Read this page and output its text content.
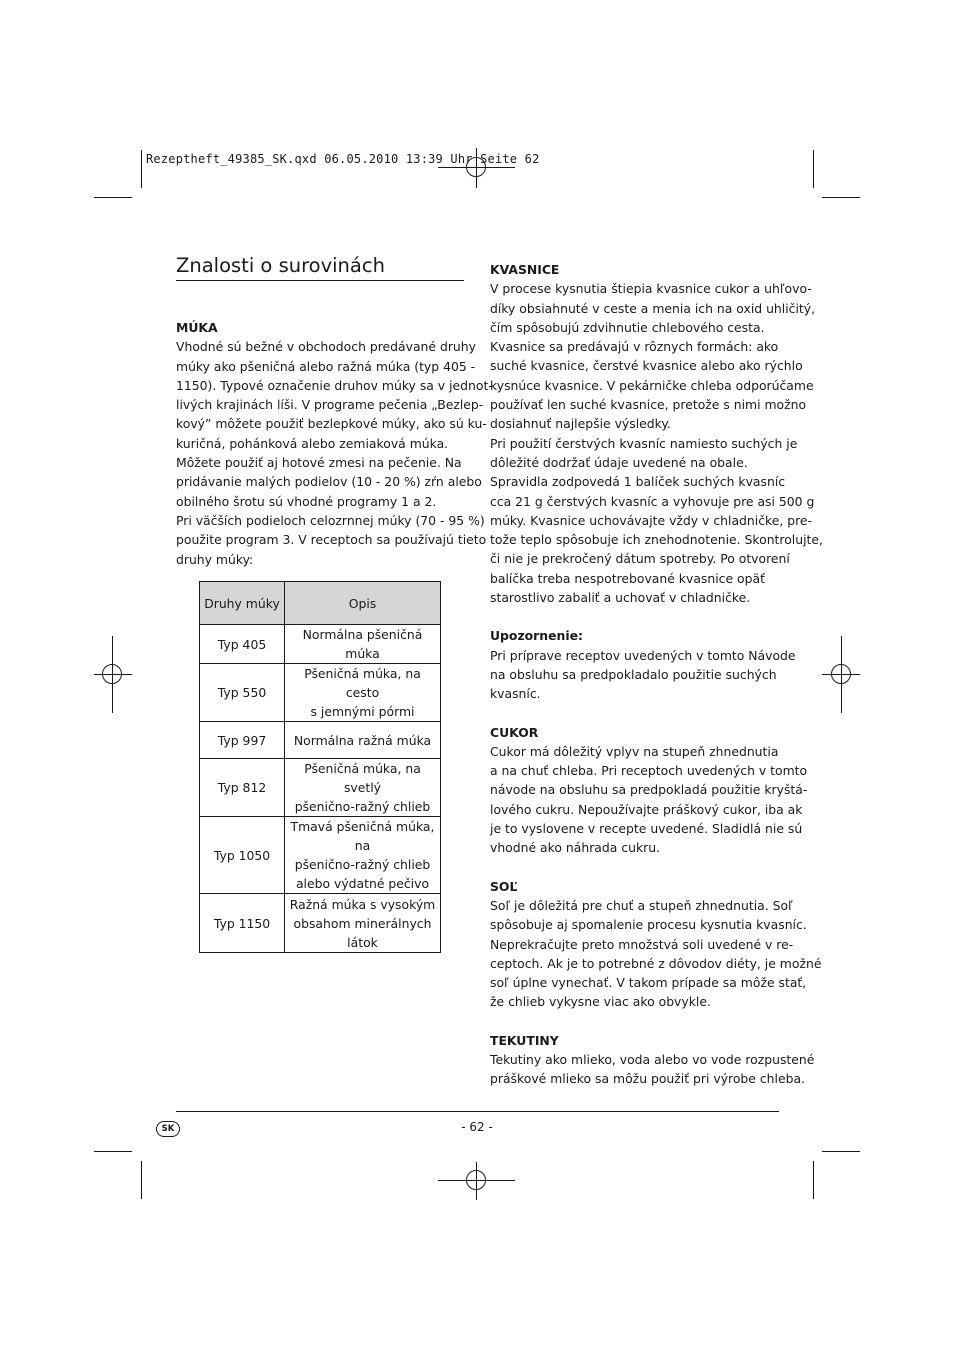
Rezeptheft_49385_SK.qxd 06.05.2010 13:39 Uhr Seite 62
Znalosti o surovinách
MÚKA

Vhodné sú bežné v obchodoch predávané druhy

múky ako pšeničná alebo ražná múka (typ 405 -

1150). Typové označenie druhov múky sa v jednot-

livých krajinách líši. V programe pečenia „Bezlep-

kový” môžete použiť bezlepkové múky, ako sú ku-

kuričná, pohánková alebo zemiaková múka.

Môžete použiť aj hotové zmesi na pečenie. Na

pridávanie malých podielov (10 - 20 %) zŕn alebo

obilného šrotu sú vhodné programy 1 a 2.

Pri väčších podieloch celozrnnej múky (70 - 95 %)

použite program 3. V receptoch sa používajú tieto

druhy múky:

Druhy múky	Opis
Typ 405	Normálna pšeničná múka

Typ 550	Pšeničná múka, na cesto
s jemnými pórmi

Typ 997	Normálna ražná múka

Typ 812	Pšeničná múka, na svetlý
pšenično-ražný chlieb

Typ 1050	Tmavá pšeničná múka, na
pšenično-ražný chlieb
alebo výdatné pečivo

Typ 1150	Ražná múka s vysokým
obsahom minerálnych
látok
KVASNICE

V procese kysnutia štiepia kvasnice cukor a uhľovo-

díky obsiahnuté v ceste a menia ich na oxid uhličitý,

čím spôsobujú zdvihnutie chlebového cesta.

Kvasnice sa predávajú v rôznych formách: ako

suché kvasnice, čerstvé kvasnice alebo ako rýchlo

kysnúce kvasnice. V pekárničke chleba odporúčame

používať len suché kvasnice, pretože s nimi možno

dosiahnuť najlepšie výsledky.

Pri použití čerstvých kvasníc namiesto suchých je

dôležité dodržať údaje uvedené na obale.

Spravidla zodpovedá 1 balíček suchých kvasníc

cca 21 g čerstvých kvasníc a vyhovuje pre asi 500 g

múky. Kvasnice uchovávajte vždy v chladničke, pre-

tože teplo spôsobuje ich znehodnotenie. Skontrolujte,

či nie je prekročený dátum spotreby. Po otvorení

balíčka treba nespotrebované kvasnice opäť

starostlivo zabaliť a uchovať v chladničke.

Upozornenie:

Pri príprave receptov uvedených v tomto Návode

na obsluhu sa predpokladalo použitie suchých

kvasníc.

CUKOR

Cukor má dôležitý vplyv na stupeň zhnednutia

a na chuť chleba. Pri receptoch uvedených v tomto

návode na obsluhu sa predpokladá použitie kryštá-

lového cukru. Nepoužívajte práškový cukor, iba ak

je to vyslovene v recepte uvedené. Sladidlá nie sú

vhodné ako náhrada cukru.

SOĽ

Soľ je dôležitá pre chuť a stupeň zhnednutia. Soľ

spôsobuje aj spomalenie procesu kysnutia kvasníc.

Neprekračujte preto množstvá soli uvedené v re-

ceptoch. Ak je to potrebné z dôvodov diéty, je možné

soľ úplne vynechať. V takom prípade sa môže stať,

že chlieb vykysne viac ako obvykle.

TEKUTINY

Tekutiny ako mlieko, voda alebo vo vode rozpustené

práškové mlieko sa môžu použiť pri výrobe chleba.

SK	- 62 -
